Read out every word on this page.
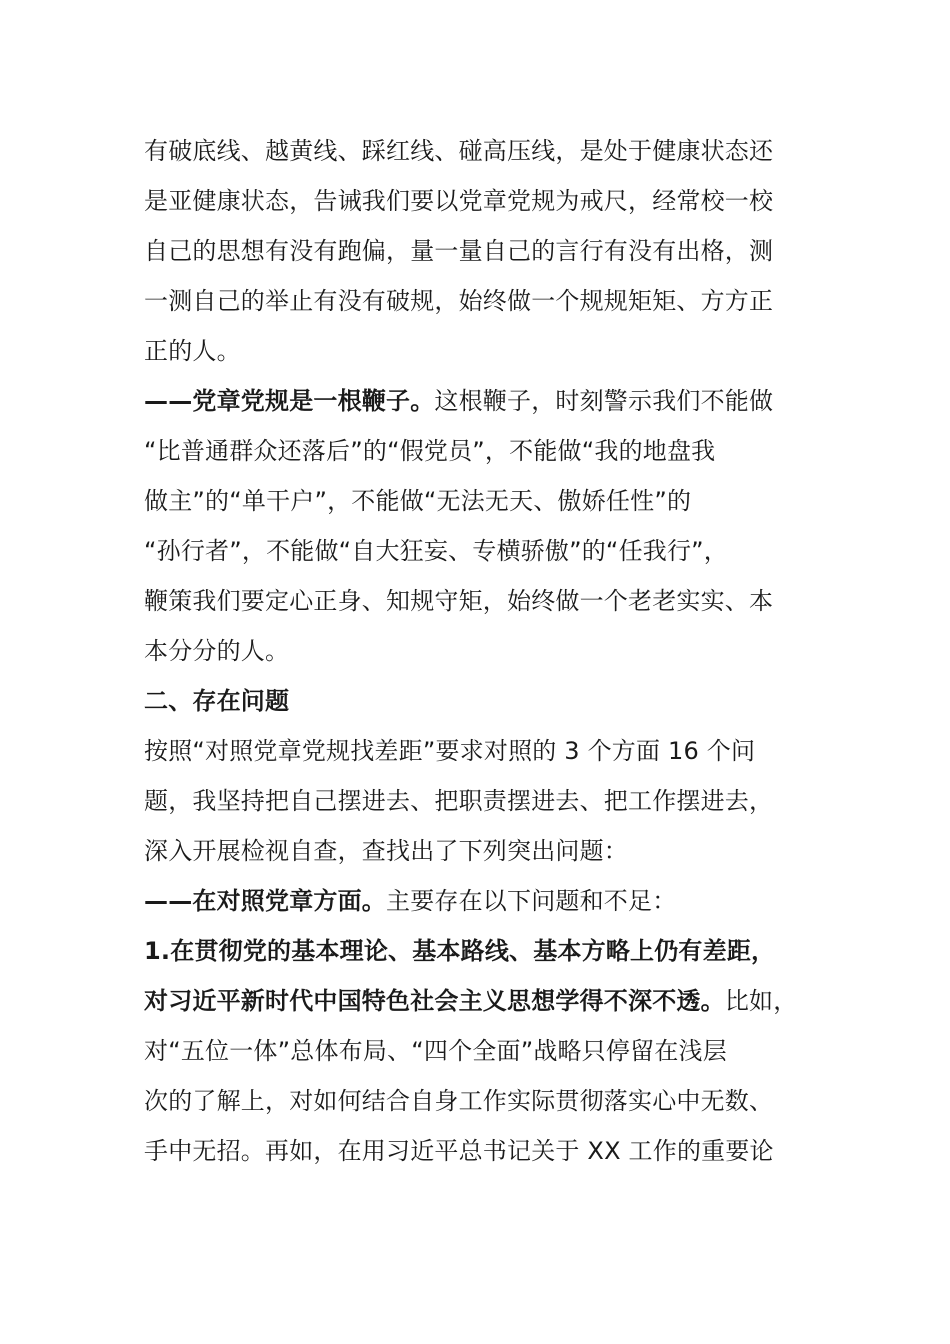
有破底线、越黄线、踩红线、碰高压线，是处于健康状态还
是亚健康状态，告诫我们要以党章党规为戒尺，经常校一校
自己的思想有没有跑偏，量一量自己的言行有没有出格，测
一测自己的举止有没有破规，始终做一个规规矩矩、方方正
正的人。
——党章党规是一根鞭子。这根鞭子，时刻警示我们不能做
“比普通群众还落后”的“假党员”，不能做“我的地盘我
做主”的“单干户”，不能做“无法无天、傲娇任性”的
“孙行者”，不能做“自大狂妄、专横骄傲”的“任我行”，
鞭策我们要定心正身、知规守矩，始终做一个老老实实、本
本分分的人。
二、存在问题
按照“对照党章党规找差距”要求对照的 3 个方面 16 个问
题，我坚持把自己摆进去、把职责摆进去、把工作摆进去，
深入开展检视自查，查找出了下列突出问题：
——在对照党章方面。主要存在以下问题和不足：
1.在贯彻党的基本理论、基本路线、基本方略上仍有差距，
对习近平新时代中国特色社会主义思想学得不深不透。比如，
对“五位一体”总体布局、“四个全面”战略只停留在浅层
次的了解上，对如何结合自身工作实际贯彻落实心中无数、
手中无招。再如，在用习近平总书记关于 XX 工作的重要论
